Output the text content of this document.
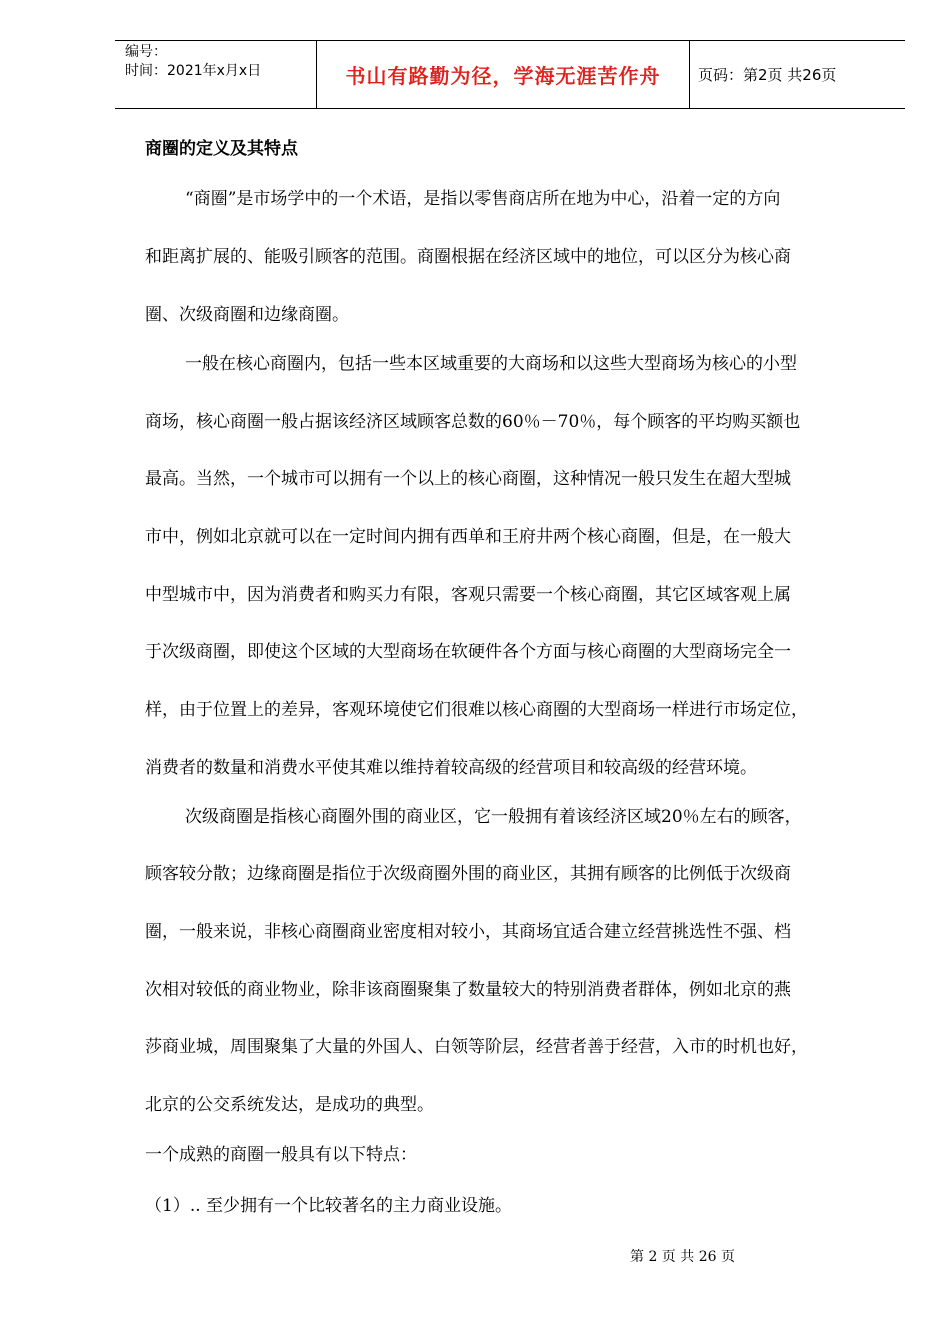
编号：
时间：2021年x月x日	书山有路勤为径，学海无涯苦作舟	页码：第2页 共26页
商圈的定义及其特点
“商圈”是市场学中的一个术语，是指以零售商店所在地为中心，沿着一定的方向
和距离扩展的、能吸引顾客的范围。商圈根据在经济区域中的地位，可以区分为核心商
圈、次级商圈和边缘商圈。
一般在核心商圈内，包括一些本区域重要的大商场和以这些大型商场为核心的小型
商场，核心商圈一般占据该经济区域顾客总数的60％－70％，每个顾客的平均购买额也
最高。当然，一个城市可以拥有一个以上的核心商圈，这种情况一般只发生在超大型城
市中，例如北京就可以在一定时间内拥有西单和王府井两个核心商圈，但是，在一般大
中型城市中，因为消费者和购买力有限，客观只需要一个核心商圈，其它区域客观上属
于次级商圈，即使这个区域的大型商场在软硬件各个方面与核心商圈的大型商场完全一
样，由于位置上的差异，客观环境使它们很难以核心商圈的大型商场一样进行市场定位，
消费者的数量和消费水平使其难以维持着较高级的经营项目和较高级的经营环境。
次级商圈是指核心商圈外围的商业区，它一般拥有着该经济区域20％左右的顾客，
顾客较分散；边缘商圈是指位于次级商圈外围的商业区，其拥有顾客的比例低于次级商
圈，一般来说，非核心商圈商业密度相对较小，其商场宜适合建立经营挑选性不强、档
次相对较低的商业物业，除非该商圈聚集了数量较大的特别消费者群体，例如北京的燕
莎商业城，周围聚集了大量的外国人、白领等阶层，经营者善于经营，入市的时机也好，
北京的公交系统发达，是成功的典型。
一个成熟的商圈一般具有以下特点：
（1）.. 至少拥有一个比较著名的主力商业设施。
第 2 页 共 26 页
